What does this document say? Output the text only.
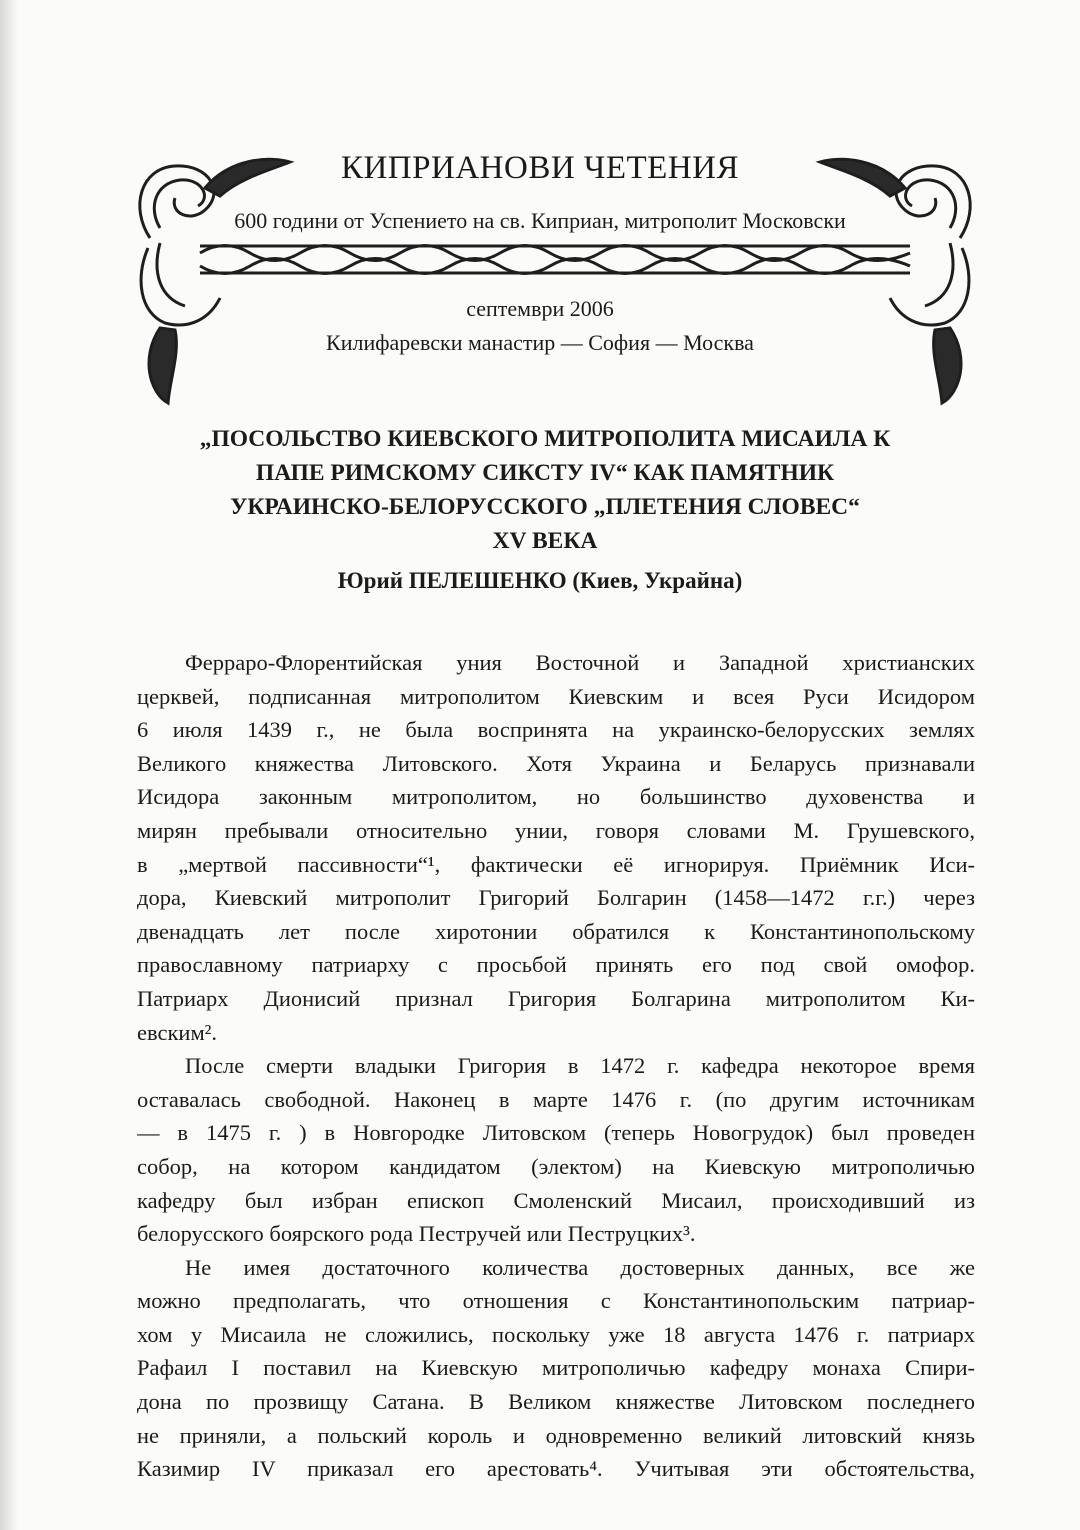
КИПРИАНОВИ ЧЕТЕНИЯ
600 години от Успението на св. Киприан, митрополит Московски
септември 2006
Килифаревски манастир — София — Москва
„ПОСОЛЬСТВО КИЕВСКОГО МИТРОПОЛИТА МИСАИЛА К
ПАПЕ РИМСКОМУ СИКСТУ IV“ КАК ПАМЯТНИК
УКРАИНСКО-БЕЛОРУССКОГО „ПЛЕТЕНИЯ СЛОВЕС“
XV ВЕКА
Юрий ПЕЛЕШЕНКО (Киев, Украйна)
Ферраро-Флорентийская уния Восточной и Западной христианских
церквей, подписанная митрополитом Киевским и всея Руси Исидором
6 июля 1439 г., не была воспринята на украинско-белорусских землях
Великого княжества Литовского. Хотя Украина и Беларусь признавали
Исидора законным митрополитом, но большинство духовенства и
мирян пребывали относительно унии, говоря словами М. Грушевского,
в „мертвой пассивности“¹, фактически её игнорируя. Приёмник Иси-
дора, Киевский митрополит Григорий Болгарин (1458—1472 г.г.) через
двенадцать лет после хиротонии обратился к Константинопольскому
православному патриарху с просьбой принять его под свой омофор.
Патриарх Дионисий признал Григория Болгарина митрополитом Ки-
евским².
После смерти владыки Григория в 1472 г. кафедра некоторое время
оставалась свободной. Наконец в марте 1476 г. (по другим источникам
— в 1475 г. ) в Новгородке Литовском (теперь Новогрудок) был проведен
собор, на котором кандидатом (электом) на Киевскую митрополичью
кафедру был избран епископ Смоленский Мисаил, происходивший из
белорусского боярского рода Пестручей или Пеструцких³.
Не имея достаточного количества достоверных данных, все же
можно предполагать, что отношения с Константинопольским патриар-
хом у Мисаила не сложились, поскольку уже 18 августа 1476 г. патриарх
Рафаил I поставил на Киевскую митрополичью кафедру монаха Спири-
дона по прозвищу Сатана. В Великом княжестве Литовском последнего
не приняли, а польский король и одновременно великий литовский князь
Казимир IV приказал его арестовать⁴. Учитывая эти обстоятельства,
